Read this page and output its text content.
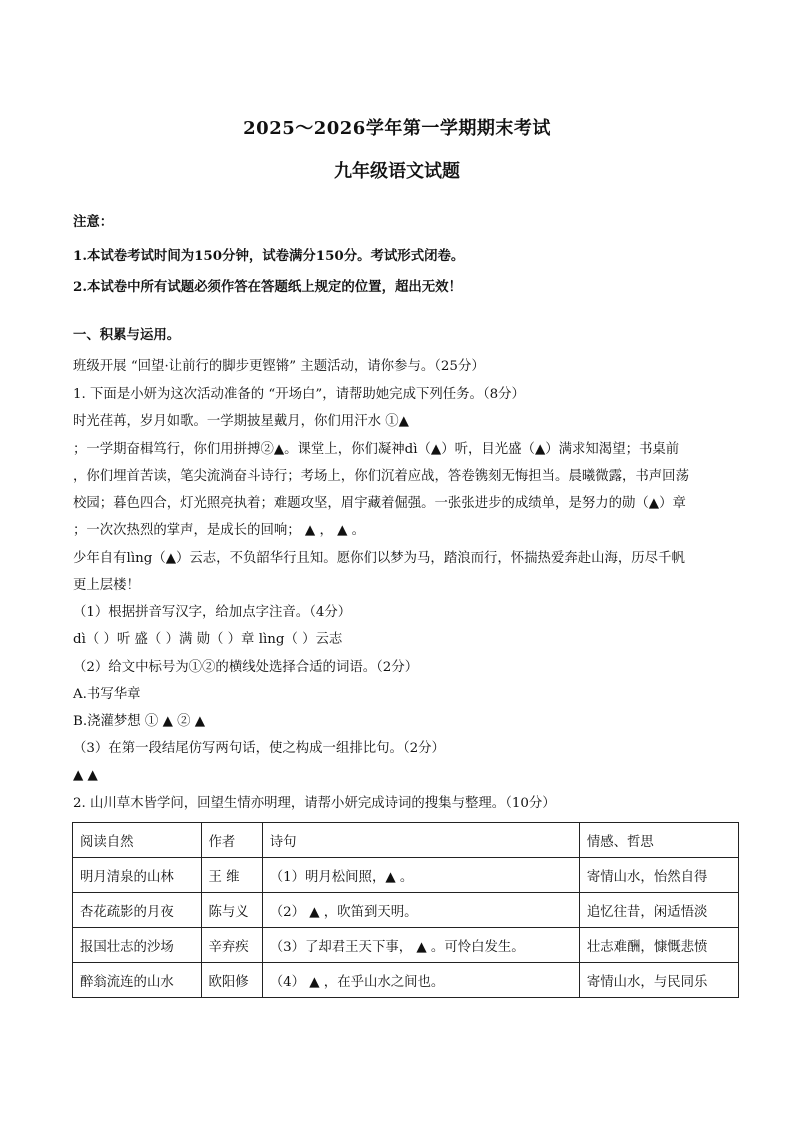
2025～2026学年第一学期期末考试
九年级语文试题
注意：
1.本试卷考试时间为150分钟，试卷满分150分。考试形式闭卷。
2.本试卷中所有试题必须作答在答题纸上规定的位置，超出无效！
一、积累与运用。
班级开展 “回望·让前行的脚步更铿锵” 主题活动，请你参与。（25分）
1. 下面是小妍为这次活动准备的 “开场白”，请帮助她完成下列任务。（8分）
时光荏苒，岁月如歌。一学期披星戴月，你们用汗水 ①▲
；一学期奋楫笃行，你们用拼搏②▲。课堂上，你们凝神dì（▲）听，目光盛（▲）满求知渴望；书桌前
，你们埋首苦读，笔尖流淌奋斗诗行；考场上，你们沉着应战，答卷镌刻无悔担当。晨曦微露，书声回荡
校园；暮色四合，灯光照亮执着；难题攻坚，眉宇藏着倔强。一张张进步的成绩单，是努力的勋（▲）章
；一次次热烈的掌声，是成长的回响； ▲ ， ▲ 。
少年自有lìng（▲）云志，不负韶华行且知。愿你们以梦为马，踏浪而行，怀揣热爱奔赴山海，历尽千帆
更上层楼！
（1）根据拼音写汉字，给加点字注音。（4分）
dì（ ）听 盛（ ）满 勋（ ）章 lìng（ ）云志
（2）给文中标号为①②的横线处选择合适的词语。（2分）
A.书写华章
B.浇灌梦想 ① ▲ ② ▲
（3）在第一段结尾仿写两句话，使之构成一组排比句。（2分）
▲ ▲
2. 山川草木皆学问，回望生情亦明理，请帮小妍完成诗词的搜集与整理。（10分）
阅读自然	作者	诗句	情感、哲思
明月清泉的山林	王 维	（1）明月松间照，▲ 。	寄情山水，怡然自得
杏花疏影的月夜	陈与义	（2） ▲ ，吹笛到天明。	追忆往昔，闲适悟淡
报国壮志的沙场	辛弃疾	（3）了却君王天下事， ▲ 。可怜白发生。	壮志难酬，慷慨悲愤
醉翁流连的山水	欧阳修	（4） ▲ ，在乎山水之间也。	寄情山水，与民同乐
